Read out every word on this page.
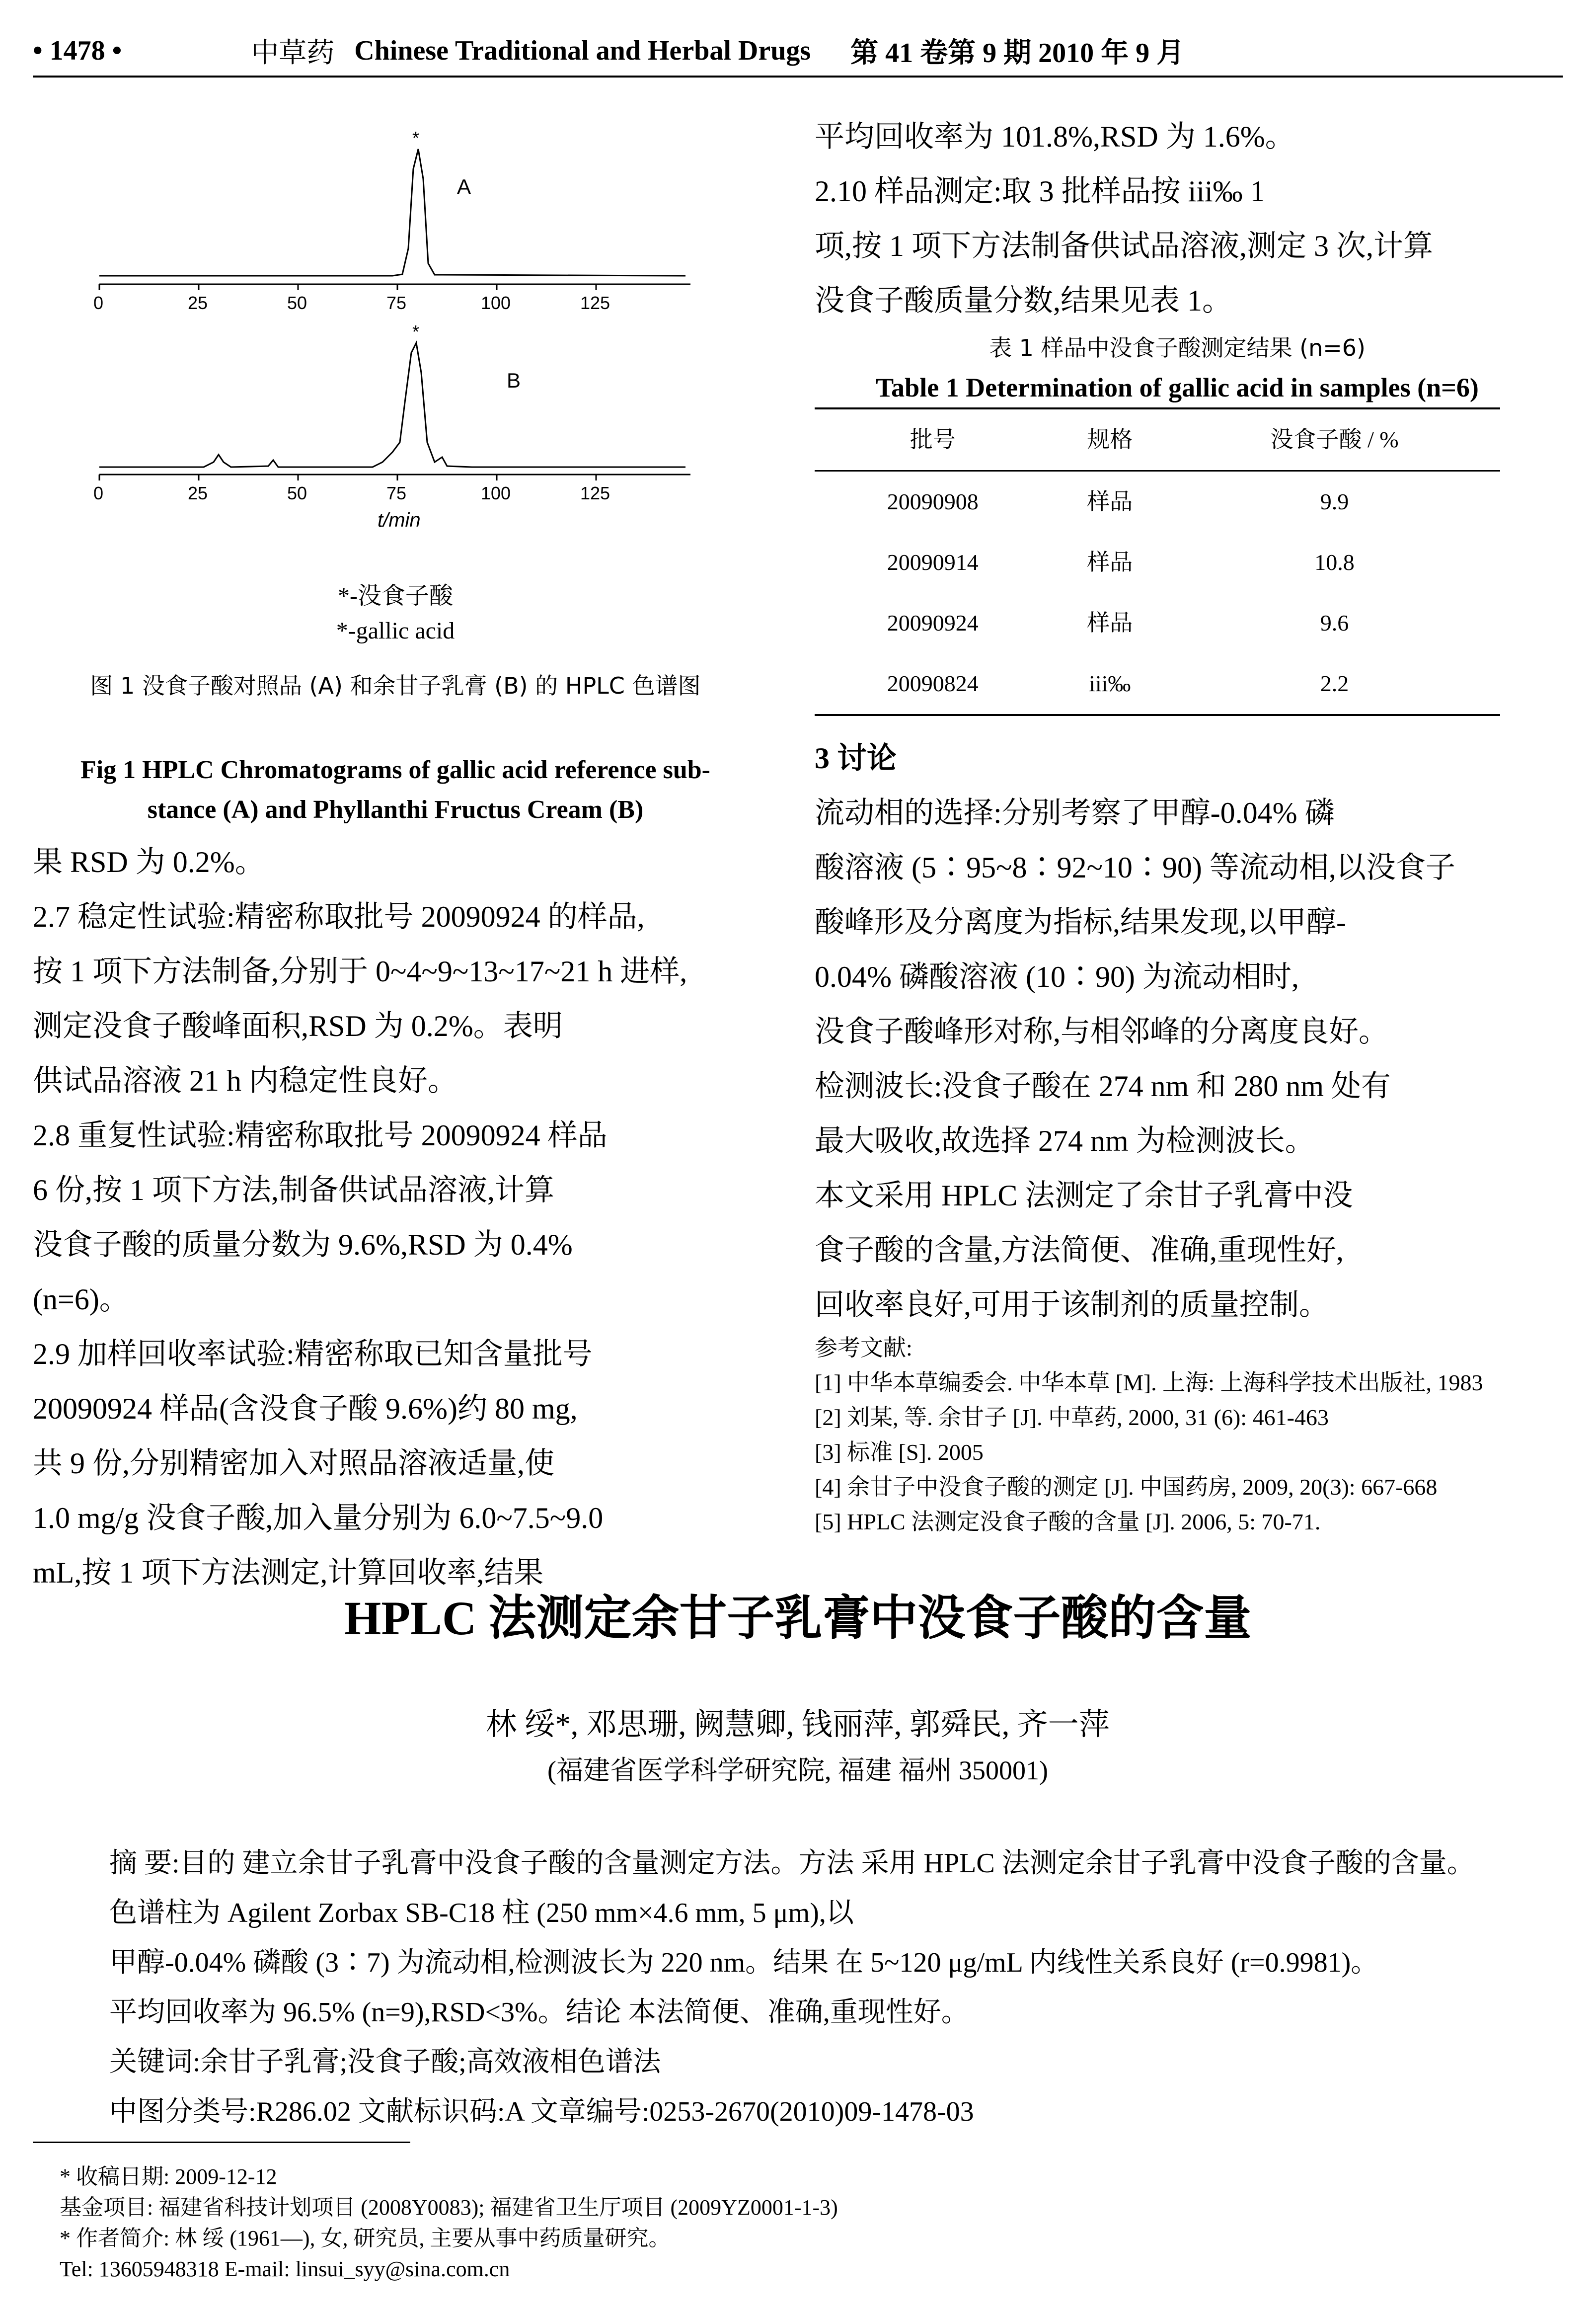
• 1478 •	中草药 Chinese Traditional and Herbal Drugs 第 41 卷第 9 期 2010 年 9 月
A
*
0	25	50	75	100	125
B
*
0	25	50	75	100	125
t/min
*-没食子酸
*-gallic acid
图 1 没食子酸对照品 (A) 和余甘子乳膏 (B) 的 HPLC 色谱图
Fig 1 HPLC Chromatograms of gallic acid reference sub-
stance (A) and Phyllanthi Fructus Cream (B)

果 RSD 为 0.2%。

2.7 稳定性试验:精密称取批号 20090924 的样品,

按 1 项下方法制备,分别于 0~4~9~13~17~21 h 进样,

测定没食子酸峰面积,RSD 为 0.2%。表明

供试品溶液 21 h 内稳定性良好。

2.8 重复性试验:精密称取批号 20090924 样品

6 份,按 1 项下方法,制备供试品溶液,计算

没食子酸的质量分数为 9.6%,RSD 为 0.4%

(n=6)。

2.9 加样回收率试验:精密称取已知含量批号

20090924 样品(含没食子酸 9.6%)约 80 mg,

共 9 份,分别精密加入对照品溶液适量,使

1.0 mg/g 没食子酸,加入量分别为 6.0~7.5~9.0

mL,按 1 项下方法测定,计算回收率,结果

平均回收率为 101.8%,RSD 为 1.6%。

2.10 样品测定:取 3 批样品按 iii‰ 1

项,按 1 项下方法制备供试品溶液,测定 3 次,计算

没食子酸质量分数,结果见表 1。

表 1 样品中没食子酸测定结果 (n=6)
Table 1 Determination of gallic acid in samples (n=6)
批号	规格	没食子酸 / %
20090908	样品	9.9
20090914	样品	10.8
20090924	样品	9.6
20090824	iii‰	2.2

3 讨论

流动相的选择:分别考察了甲醇-0.04% 磷

酸溶液 (5∶95~8∶92~10∶90) 等流动相,以没食子

酸峰形及分离度为指标,结果发现,以甲醇-

0.04% 磷酸溶液 (10∶90) 为流动相时,

没食子酸峰形对称,与相邻峰的分离度良好。

检测波长:没食子酸在 274 nm 和 280 nm 处有

最大吸收,故选择 274 nm 为检测波长。

本文采用 HPLC 法测定了余甘子乳膏中没

食子酸的含量,方法简便、准确,重现性好,

回收率良好,可用于该制剂的质量控制。

参考文献:

[1] 中华本草编委会. 中华本草 [M]. 上海: 上海科学技术出版社, 1983

[2] 刘某, 等. 余甘子 [J]. 中草药, 2000, 31 (6): 461-463

[3] 标准 [S]. 2005

[4] 余甘子中没食子酸的测定 [J]. 中国药房, 2009, 20(3): 667-668

[5] HPLC 法测定没食子酸的含量 [J]. 2006, 5: 70-71.

HPLC 法测定余甘子乳膏中没食子酸的含量
林 绥*, 邓思珊, 阙慧卿, 钱丽萍, 郭舜民, 齐一萍
(福建省医学科学研究院, 福建 福州 350001)

摘 要:目的 建立余甘子乳膏中没食子酸的含量测定方法。方法 采用 HPLC 法测定余甘子乳膏中没食子酸的含量。

色谱柱为 Agilent Zorbax SB-C18 柱 (250 mm×4.6 mm, 5 μm),以

甲醇-0.04% 磷酸 (3∶7) 为流动相,检测波长为 220 nm。结果 在 5~120 μg/mL 内线性关系良好 (r=0.9981)。

平均回收率为 96.5% (n=9),RSD<3%。结论 本法简便、准确,重现性好。

关键词:余甘子乳膏;没食子酸;高效液相色谱法

中图分类号:R286.02 文献标识码:A 文章编号:0253-2670(2010)09-1478-03

* 收稿日期: 2009-12-12

基金项目: 福建省科技计划项目 (2008Y0083); 福建省卫生厅项目 (2009YZ0001-1-3)

* 作者简介: 林 绥 (1961—), 女, 研究员, 主要从事中药质量研究。

Tel: 13605948318 E-mail: linsui_syy@sina.com.cn
